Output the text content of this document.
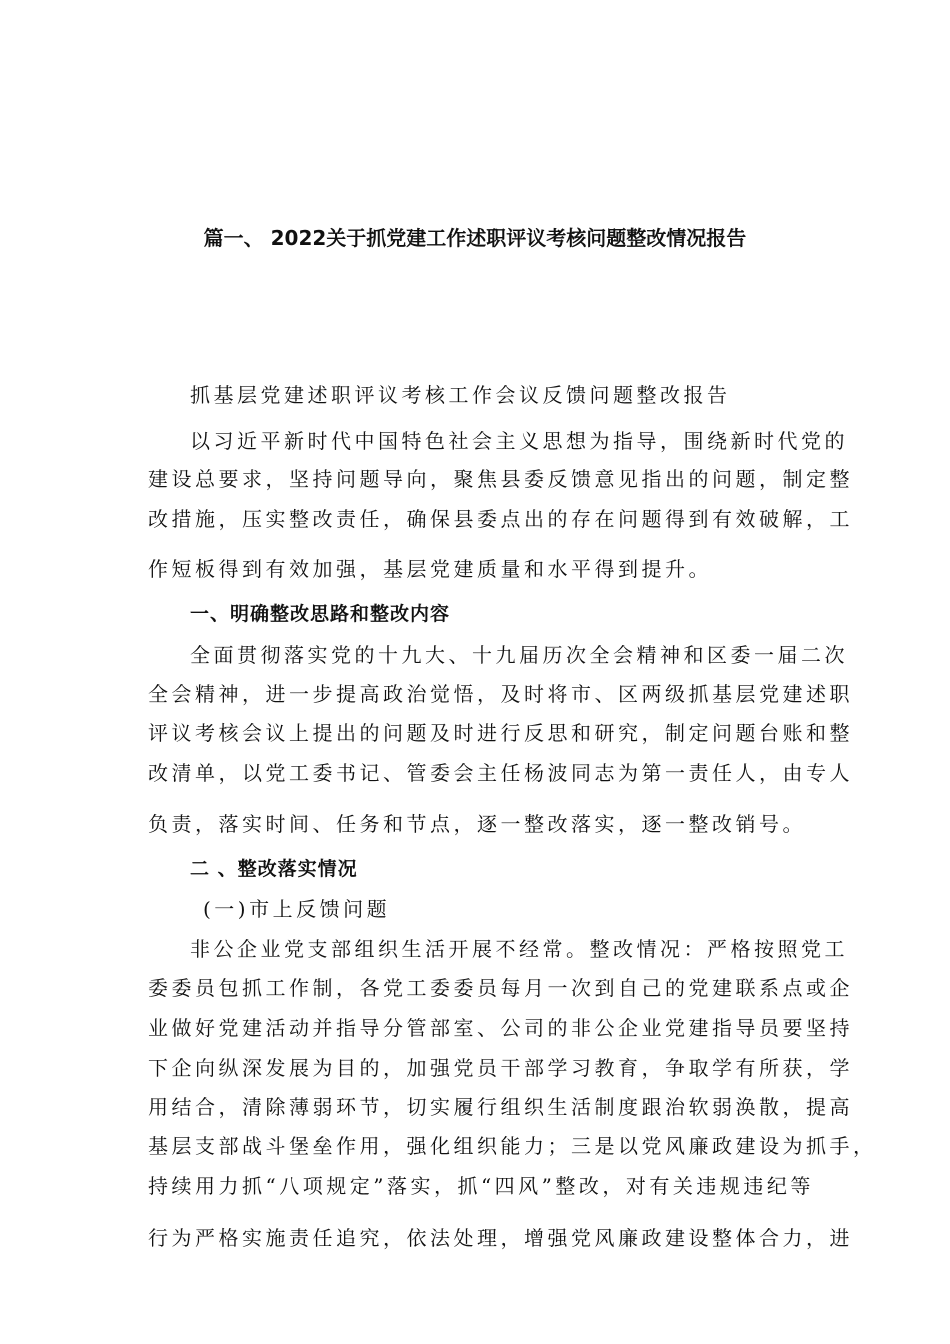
篇一、 2022关于抓党建工作述职评议考核问题整改情况报告
抓基层党建述职评议考核工作会议反馈问题整改报告
以习近平新时代中国特色社会主义思想为指导，围绕新时代党的
建设总要求，坚持问题导向，聚焦县委反馈意见指出的问题，制定整
改措施，压实整改责任，确保县委点出的存在问题得到有效破解，工
作短板得到有效加强，基层党建质量和水平得到提升。
一、明确整改思路和整改内容
全面贯彻落实党的十九大、十九届历次全会精神和区委一届二次
全会精神，进一步提高政治觉悟，及时将市、区两级抓基层党建述职
评议考核会议上提出的问题及时进行反思和研究，制定问题台账和整
改清单，以党工委书记、管委会主任杨波同志为第一责任人，由专人
负责，落实时间、任务和节点，逐一整改落实，逐一整改销号。
二 、整改落实情况
(一)市上反馈问题
非公企业党支部组织生活开展不经常。整改情况：严格按照党工
委委员包抓工作制，各党工委委员每月一次到自己的党建联系点或企
业做好党建活动并指导分管部室、公司的非公企业党建指导员要坚持
下企向纵深发展为目的，加强党员干部学习教育，争取学有所获，学
用结合，清除薄弱环节，切实履行组织生活制度跟治软弱涣散，提高
基层支部战斗堡垒作用，强化组织能力；三是以党风廉政建设为抓手，
持续用力抓“八项规定”落实，抓“四风”整改，对有关违规违纪等
行为严格实施责任追究，依法处理，增强党风廉政建设整体合力，进
